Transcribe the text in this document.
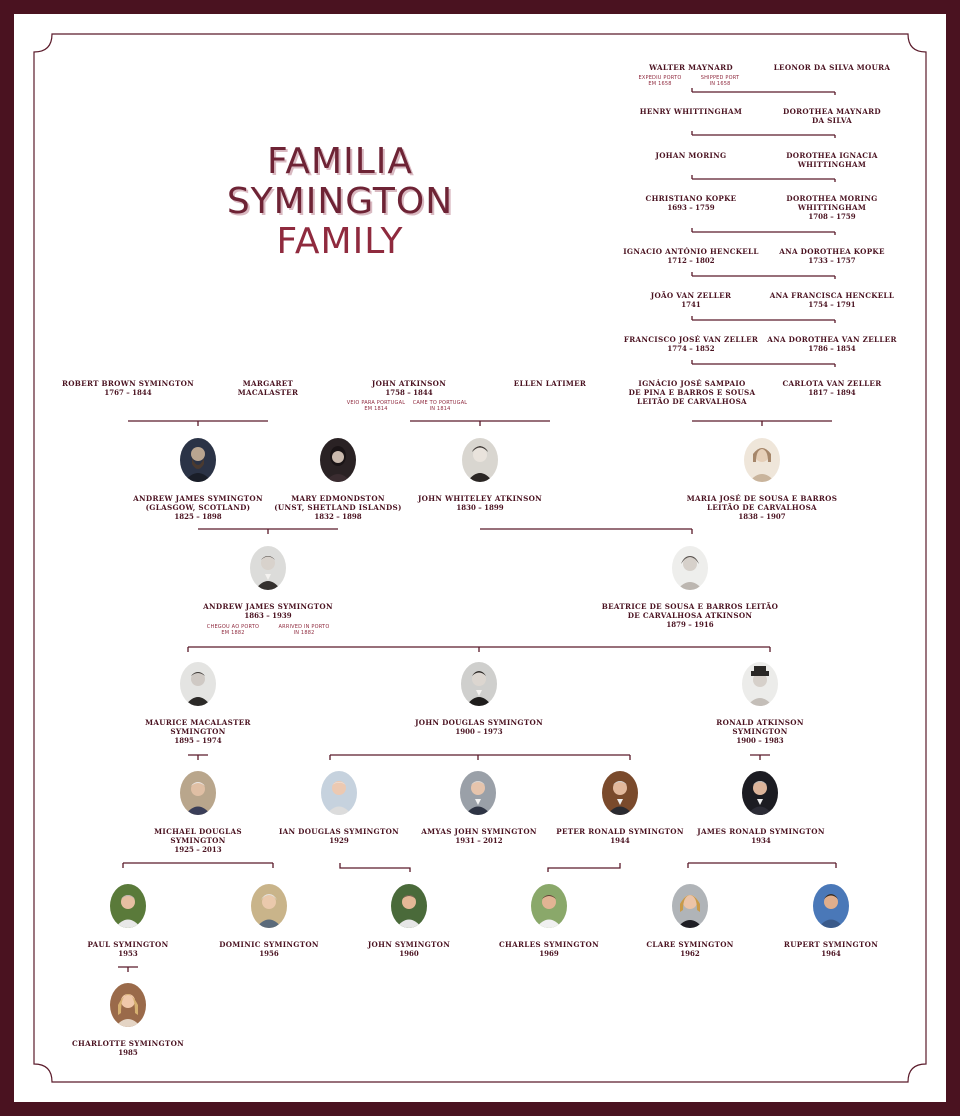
FAMILIA
SYMINGTON
FAMILY
WALTER MAYNARD	LEONOR DA SILVA MOURA
EXPEDIU PORTO
EM 1658
SHIPPED PORT
IN 1658
HENRY WHITTINGHAM	DOROTHEA MAYNARD
DA SILVA
JOHAN MORING	DOROTHEA IGNACIA
WHITTINGHAM
CHRISTIANO KOPKE
1693 – 1759
DOROTHEA MORING
WHITTINGHAM
1708 – 1759
IGNACIO ANTÓNIO HENCKELL
1712 – 1802
ANA DOROTHEA KOPKE
1733 – 1757
JOÃO VAN ZELLER
1741
ANA FRANCISCA HENCKELL
1754 – 1791
FRANCISCO JOSÉ VAN ZELLER
1774 – 1852
ANA DOROTHEA VAN ZELLER
1786 – 1854
ROBERT BROWN SYMINGTON
1767 – 1844
MARGARET
MACALASTER
JOHN ATKINSON
1758 – 1844
VEIO PARA PORTUGAL
EM 1814
CAME TO PORTUGAL
IN 1814
ELLEN LATIMER	IGNÁCIO JOSÉ SAMPAIO
DE PINA E BARROS E SOUSA
LEITÃO DE CARVALHOSA
CARLOTA VAN ZELLER
1817 – 1894
ANDREW JAMES SYMINGTON
(GLASGOW, SCOTLAND)
1825 – 1898
MARY EDMONDSTON
(UNST, SHETLAND ISLANDS)
1832 – 1898
JOHN WHITELEY ATKINSON
1830 – 1899
MARIA JOSÉ DE SOUSA E BARROS
LEITÃO DE CARVALHOSA
1838 – 1907
ANDREW JAMES SYMINGTON
1863 – 1939
CHEGOU AO PORTO
EM 1882
ARRIVED IN PORTO
IN 1882
BEATRICE DE SOUSA E BARROS LEITÃO
DE CARVALHOSA ATKINSON
1879 – 1916
MAURICE MACALASTER
SYMINGTON
1895 – 1974
JOHN DOUGLAS SYMINGTON
1900 – 1973
RONALD ATKINSON
SYMINGTON
1900 – 1983
MICHAEL DOUGLAS
SYMINGTON
1925 – 2013
IAN DOUGLAS SYMINGTON
1929
AMYAS JOHN SYMINGTON
1931 – 2012
PETER RONALD SYMINGTON
1944
JAMES RONALD SYMINGTON
1934
PAUL SYMINGTON
1953
DOMINIC SYMINGTON
1956
JOHN SYMINGTON
1960
CHARLES SYMINGTON
1969
CLARE SYMINGTON
1962
RUPERT SYMINGTON
1964
CHARLOTTE SYMINGTON
1985
